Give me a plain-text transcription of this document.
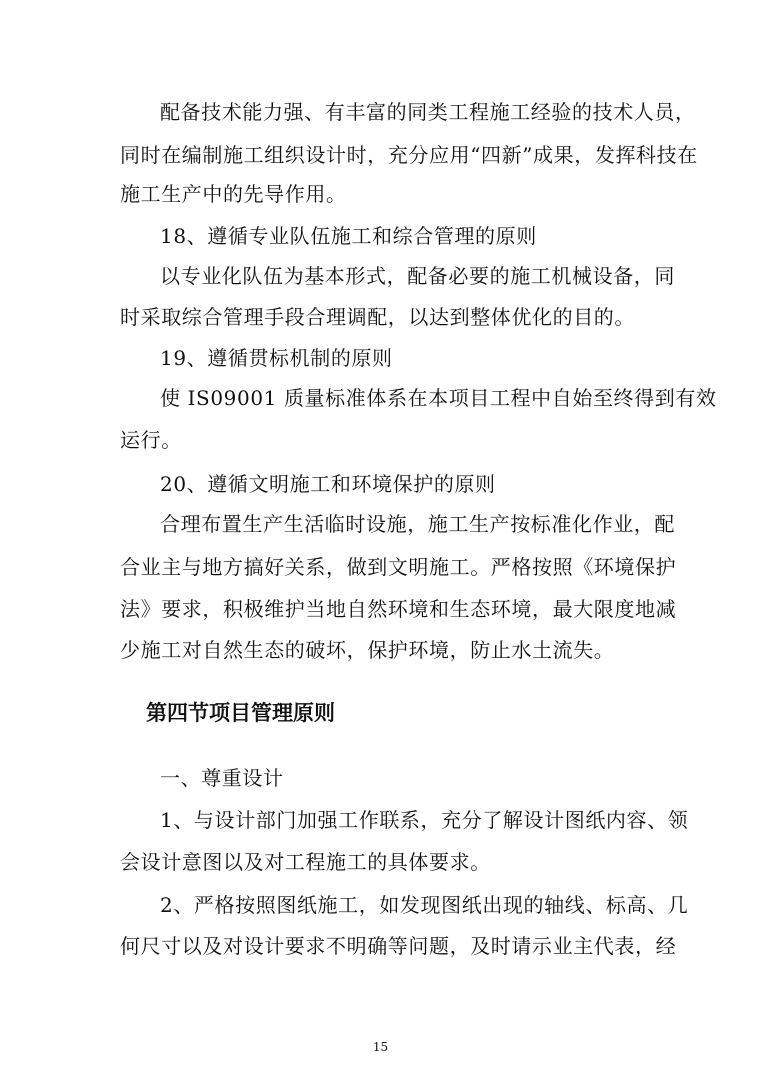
配备技术能力强、有丰富的同类工程施工经验的技术人员，
同时在编制施工组织设计时，充分应用“四新”成果，发挥科技在
施工生产中的先导作用。
18、遵循专业队伍施工和综合管理的原则
以专业化队伍为基本形式，配备必要的施工机械设备，同
时采取综合管理手段合理调配，以达到整体优化的目的。
19、遵循贯标机制的原则
使 IS09001 质量标准体系在本项目工程中自始至终得到有效
运行。
20、遵循文明施工和环境保护的原则
合理布置生产生活临时设施，施工生产按标准化作业，配
合业主与地方搞好关系，做到文明施工。严格按照《环境保护
法》要求，积极维护当地自然环境和生态环境，最大限度地减
少施工对自然生态的破坏，保护环境，防止水土流失。
第四节项目管理原则
一、尊重设计
1、与设计部门加强工作联系，充分了解设计图纸内容、领
会设计意图以及对工程施工的具体要求。
2、严格按照图纸施工，如发现图纸出现的轴线、标高、几
何尺寸以及对设计要求不明确等问题，及时请示业主代表，经
15
